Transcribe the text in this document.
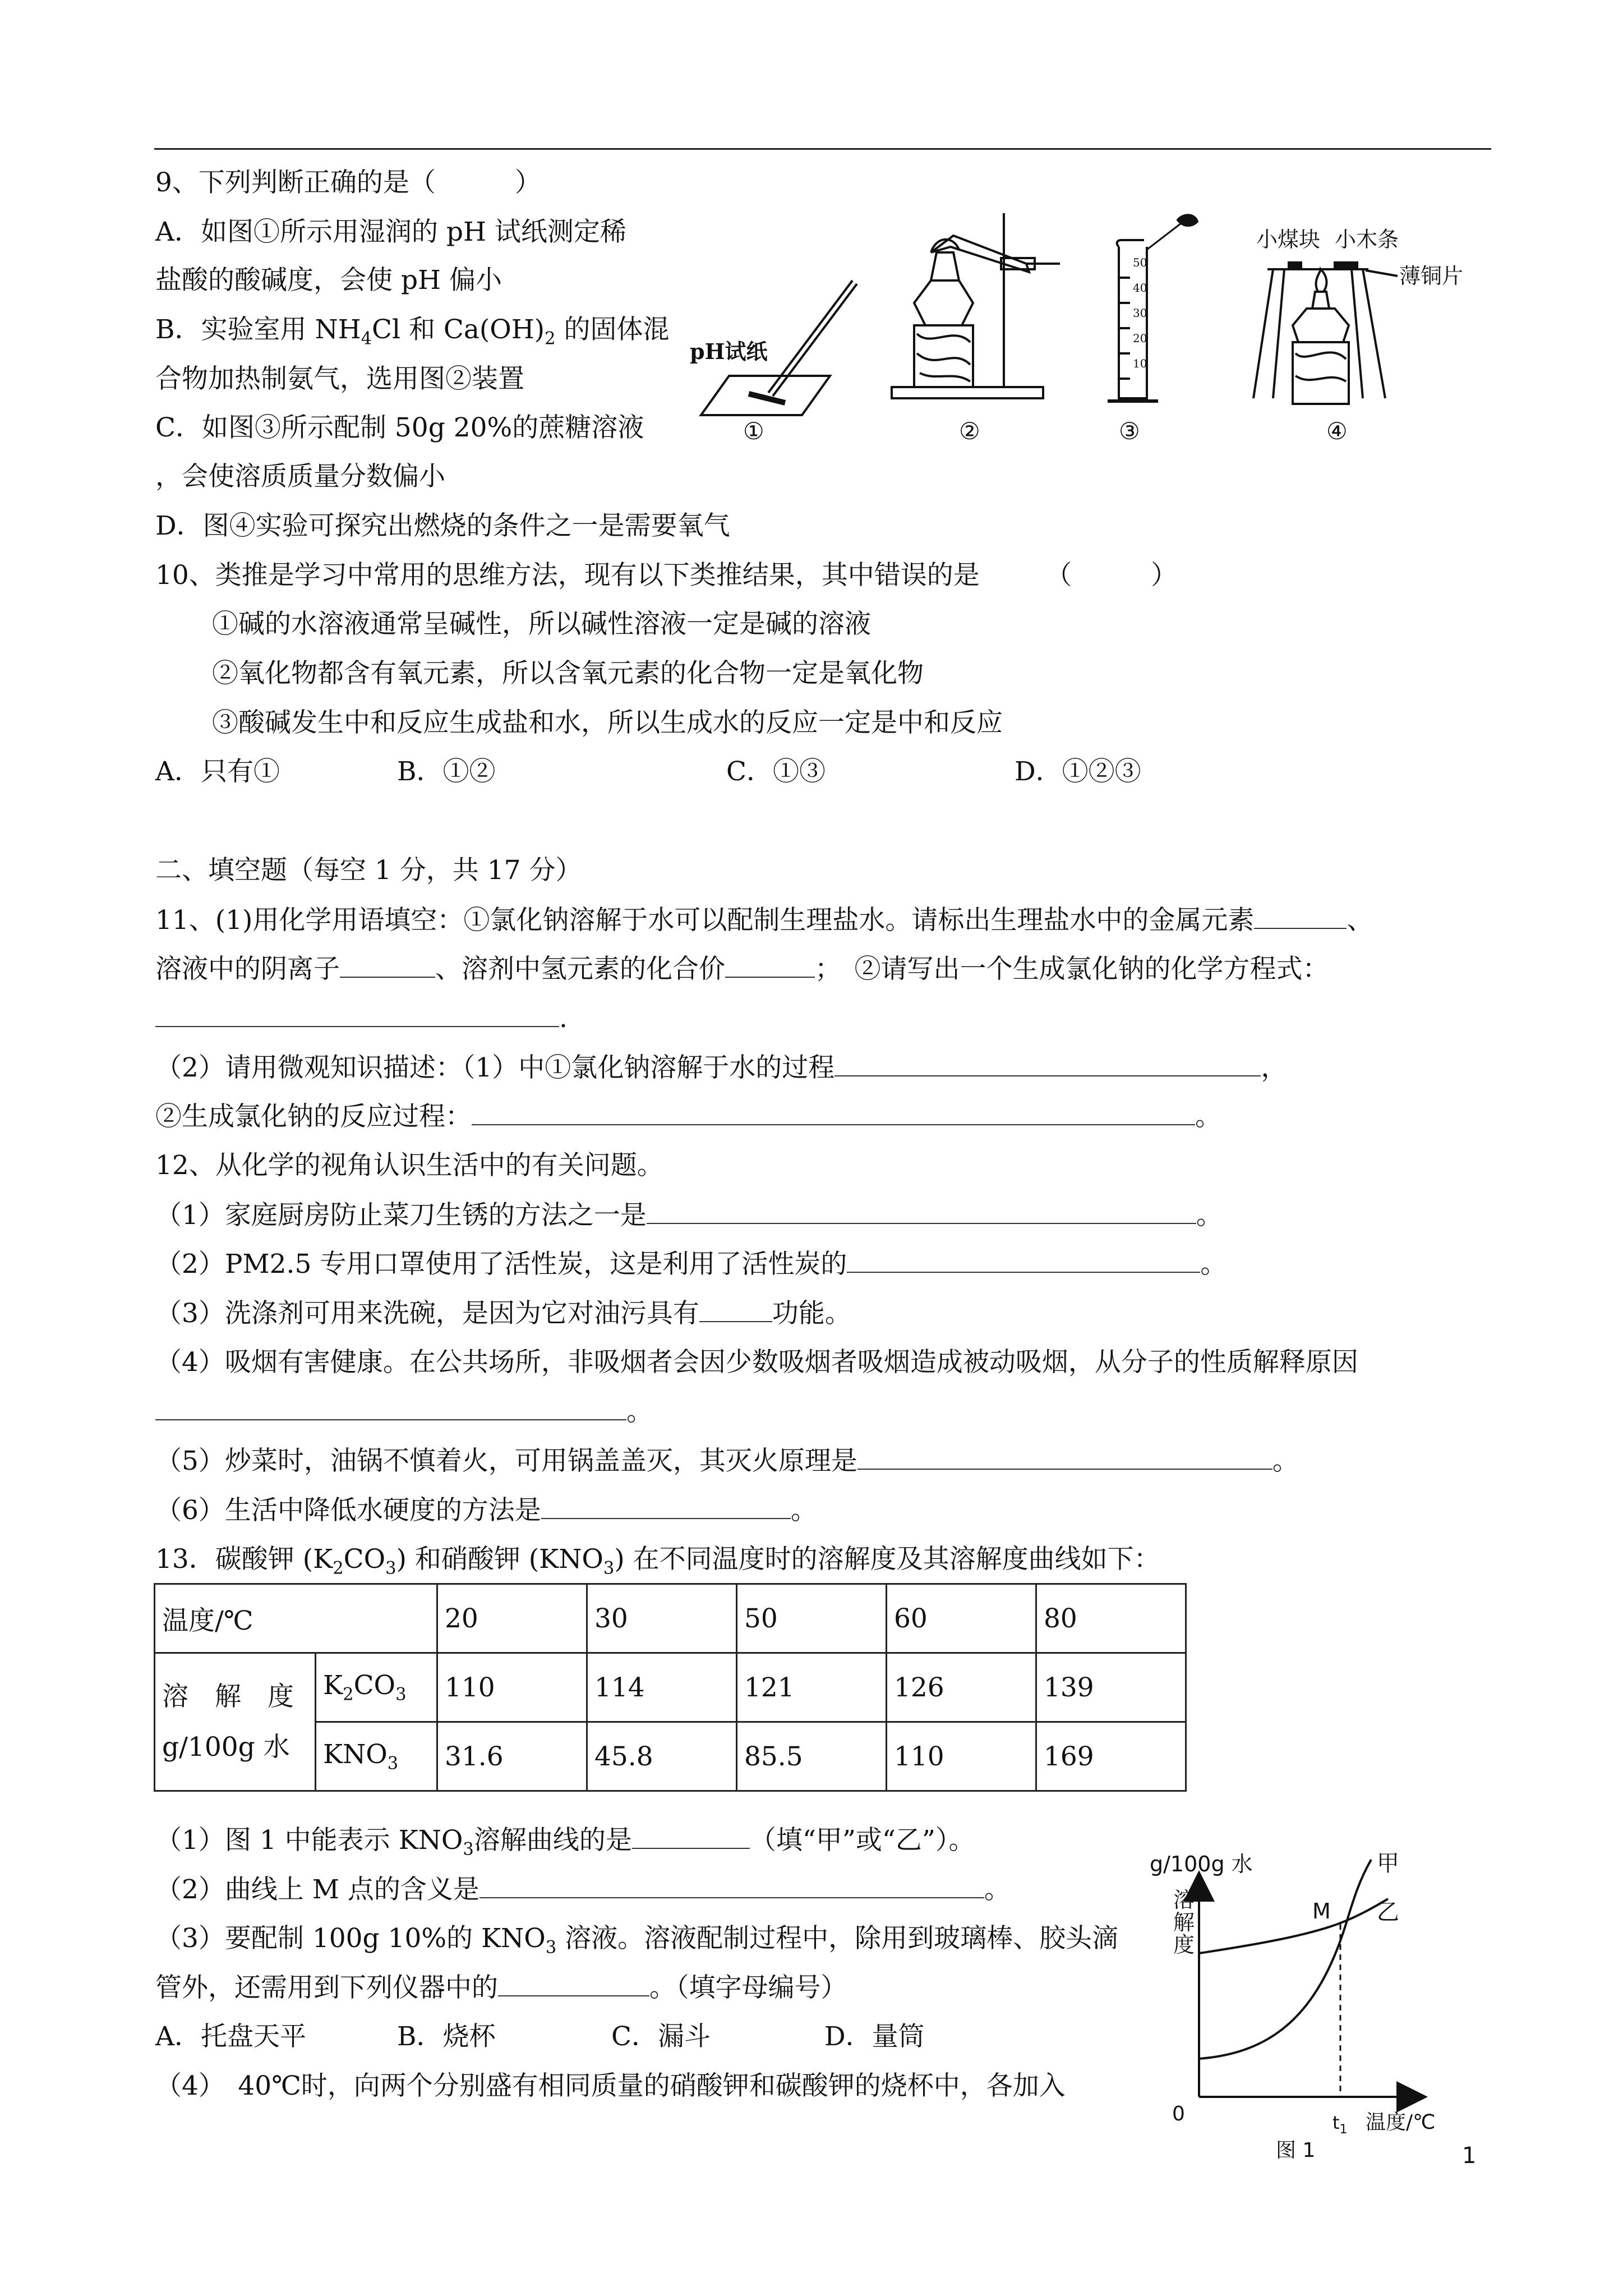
9、下列判断正确的是（　　　）
A．如图①所示用湿润的 pH 试纸测定稀
盐酸的酸碱度，会使 pH 偏小
B．实验室用 $NH_4Cl$ 和 $Ca(OH)_2$ 的固体混
合物加热制氨气，选用图②装置
C．如图③所示配制 50g 20%的蔗糖溶液
，会使溶质质量分数偏小
D．图④实验可探究出燃烧的条件之一是需要氧气
pH试纸
①	②
50
40
30
20
10
③
小煤块 小木条
薄铜片
④
10、类推是学习中常用的思维方法，现有以下类推结果，其中错误的是　　　（　　　）
①碱的水溶液通常呈碱性，所以碱性溶液一定是碱的溶液
②氧化物都含有氧元素，所以含氧元素的化合物一定是氧化物
③酸碱发生中和反应生成盐和水，所以生成水的反应一定是中和反应
A．只有①	B．①②	C．①③	D．①②③
二、填空题（每空 1 分，共 17 分）
11、(1)用化学用语填空：①氯化钠溶解于水可以配制生理盐水。请标出生理盐水中的金属元素	、
溶液中的阴离子	、溶剂中氢元素的化合价	；　②请写出一个生成氯化钠的化学方程式：
.
（2）请用微观知识描述：（1）中①氯化钠溶解于水的过程	，
②生成氯化钠的反应过程：	。
12、从化学的视角认识生活中的有关问题。
（1）家庭厨房防止菜刀生锈的方法之一是	。
（2）PM2.5 专用口罩使用了活性炭，这是利用了活性炭的	。
（3）洗涤剂可用来洗碗，是因为它对油污具有	功能。
（4）吸烟有害健康。在公共场所，非吸烟者会因少数吸烟者吸烟造成被动吸烟，从分子的性质解释原因
。
（5）炒菜时，油锅不慎着火，可用锅盖盖灭，其灭火原理是	。
（6）生活中降低水硬度的方法是	。
13．碳酸钾 $(K_2CO_3)$ 和硝酸钾 $(KNO_3)$ 在不同温度时的溶解度及其溶解度曲线如下：
温度/℃		20	30	50	60	80

溶　解　度
g/100g 水	$K_2CO_3$	110	114	121	126	139
	$KNO_3$	31.6	45.8	85.5	110	169
（1）图 1 中能表示 $KNO_3$溶解曲线的是	（填“甲”或“乙”）。
（2）曲线上 M 点的含义是	。
（3）要配制 100g 10%的 $KNO_3$ 溶液。溶液配制过程中，除用到玻璃棒、胶头滴
管外，还需用到下列仪器中的	。（填字母编号）
A．托盘天平	B．烧杯	C．漏斗	D．量筒
（4）　40℃时，向两个分别盛有相同质量的硝酸钾和碳酸钾的烧杯中，各加入
g/100g 水
溶
解
度
甲
乙
M
0	$t_1$ 温度/℃
图 1	1
